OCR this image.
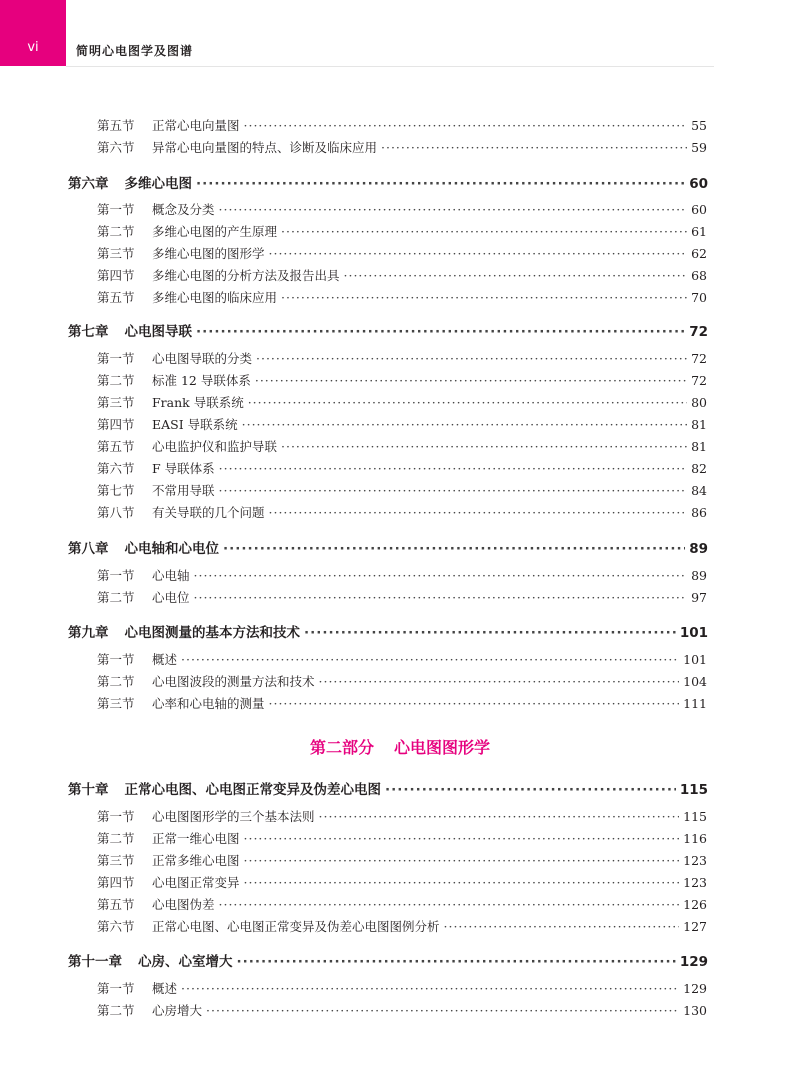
vi	简明心电图学及图谱
第五节	正常心电向量图 ·····	55
第六节	异常心电向量图的特点、诊断及临床应用 ·····	59
第六章 多维心电图 ·····	60
第一节	概念及分类 ·····	60
第二节	多维心电图的产生原理 ·····	61
第三节	多维心电图的图形学 ·····	62
第四节	多维心电图的分析方法及报告出具 ·····	68
第五节	多维心电图的临床应用 ·····	70
第七章 心电图导联 ·····	72
第一节	心电图导联的分类 ·····	72
第二节	标准 12 导联体系 ·····	72
第三节	Frank 导联系统 ·····	80
第四节	EASI 导联系统 ·····	81
第五节	心电监护仪和监护导联 ·····	81
第六节	F 导联体系 ·····	82
第七节	不常用导联 ·····	84
第八节	有关导联的几个问题 ·····	86
第八章 心电轴和心电位 ·····	89
第一节	心电轴 ·····	89
第二节	心电位 ·····	97
第九章 心电图测量的基本方法和技术 ·····	101
第一节	概述 ·····	101
第二节	心电图波段的测量方法和技术 ·····	104
第三节	心率和心电轴的测量 ·····	111
第二部分 心电图图形学
第十章 正常心电图、心电图正常变异及伪差心电图 ·····	115
第一节	心电图图形学的三个基本法则 ·····	115
第二节	正常一维心电图 ·····	116
第三节	正常多维心电图 ·····	123
第四节	心电图正常变异 ·····	123
第五节	心电图伪差 ·····	126
第六节	正常心电图、心电图正常变异及伪差心电图图例分析 ·····	127
第十一章 心房、心室增大 ·····	129
第一节	概述 ·····	129
第二节	心房增大 ·····	130
